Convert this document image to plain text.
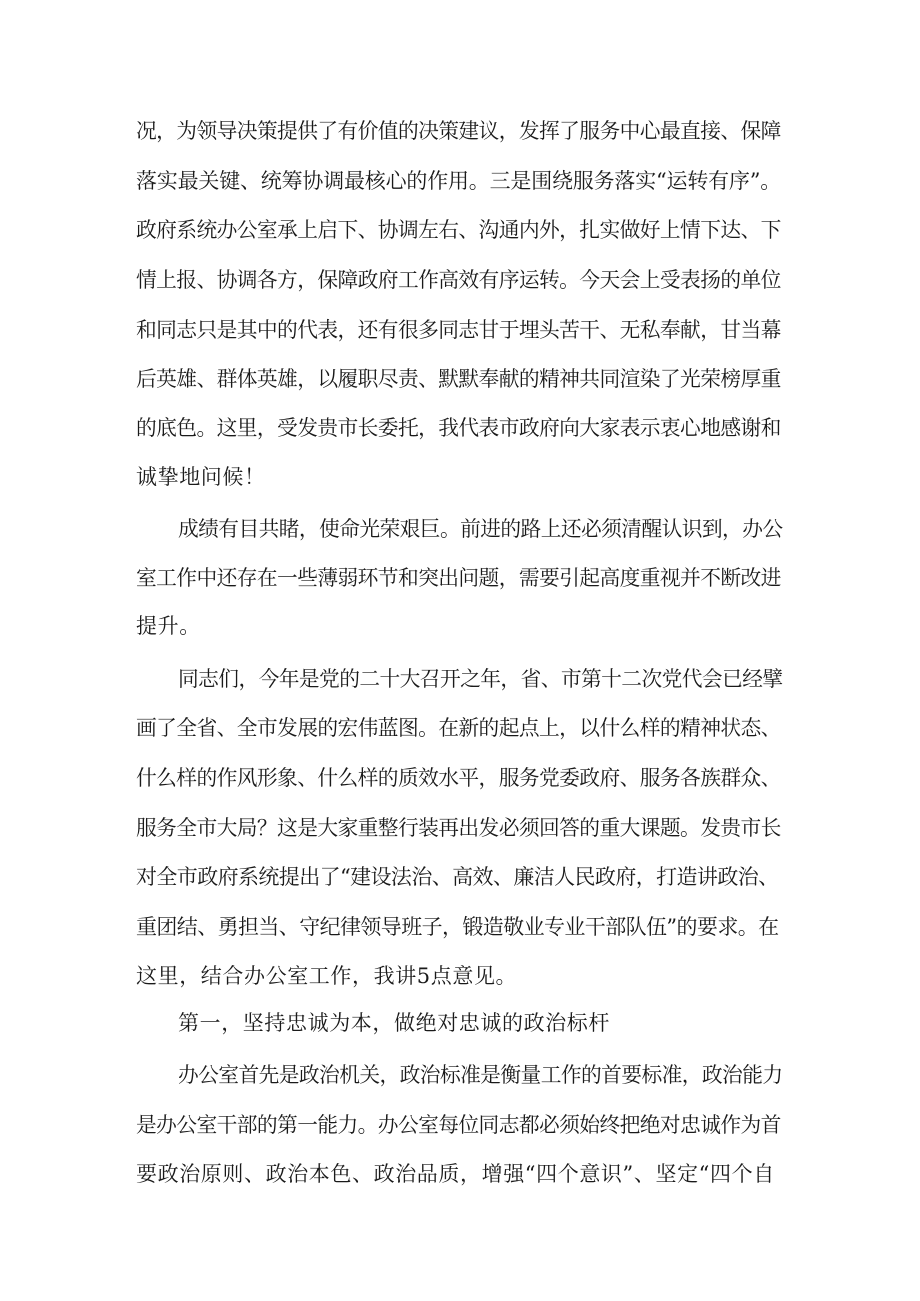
况，为领导决策提供了有价值的决策建议，发挥了服务中心最直接、保障
落实最关键、统筹协调最核心的作用。三是围绕服务落实“运转有序”。
政府系统办公室承上启下、协调左右、沟通内外，扎实做好上情下达、下
情上报、协调各方，保障政府工作高效有序运转。今天会上受表扬的单位
和同志只是其中的代表，还有很多同志甘于埋头苦干、无私奉献，甘当幕
后英雄、群体英雄，以履职尽责、默默奉献的精神共同渲染了光荣榜厚重
的底色。这里，受发贵市长委托，我代表市政府向大家表示衷心地感谢和
诚挚地问候！
成绩有目共睹，使命光荣艰巨。前进的路上还必须清醒认识到，办公
室工作中还存在一些薄弱环节和突出问题，需要引起高度重视并不断改进
提升。
同志们，今年是党的二十大召开之年，省、市第十二次党代会已经擘
画了全省、全市发展的宏伟蓝图。在新的起点上，以什么样的精神状态、
什么样的作风形象、什么样的质效水平，服务党委政府、服务各族群众、
服务全市大局？这是大家重整行装再出发必须回答的重大课题。发贵市长
对全市政府系统提出了“建设法治、高效、廉洁人民政府，打造讲政治、
重团结、勇担当、守纪律领导班子，锻造敬业专业干部队伍”的要求。在
这里，结合办公室工作，我讲5点意见。
第一，坚持忠诚为本，做绝对忠诚的政治标杆
办公室首先是政治机关，政治标准是衡量工作的首要标准，政治能力
是办公室干部的第一能力。办公室每位同志都必须始终把绝对忠诚作为首
要政治原则、政治本色、政治品质，增强“四个意识”、坚定“四个自
